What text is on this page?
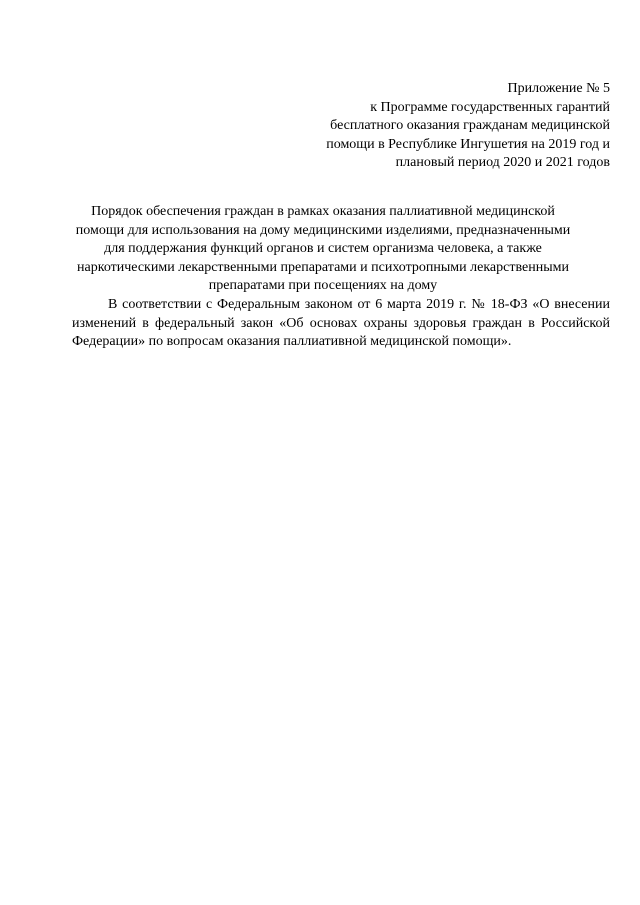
Приложение № 5
к Программе государственных гарантий
бесплатного оказания гражданам медицинской
помощи в Республике Ингушетия на 2019 год и
плановый период 2020 и 2021 годов
Порядок обеспечения граждан в рамках оказания паллиативной медицинской
помощи для использования на дому медицинскими изделиями, предназначенными
для поддержания функций органов и систем организма человека, а также
наркотическими лекарственными препаратами и психотропными лекарственными
препаратами при посещениях на дому

В соответствии с Федеральным законом от 6 марта 2019 г. № 18-ФЗ «О внесении изменений в федеральный закон «Об основах охраны здоровья граждан в Российской Федерации» по вопросам оказания паллиативной медицинской помощи».
